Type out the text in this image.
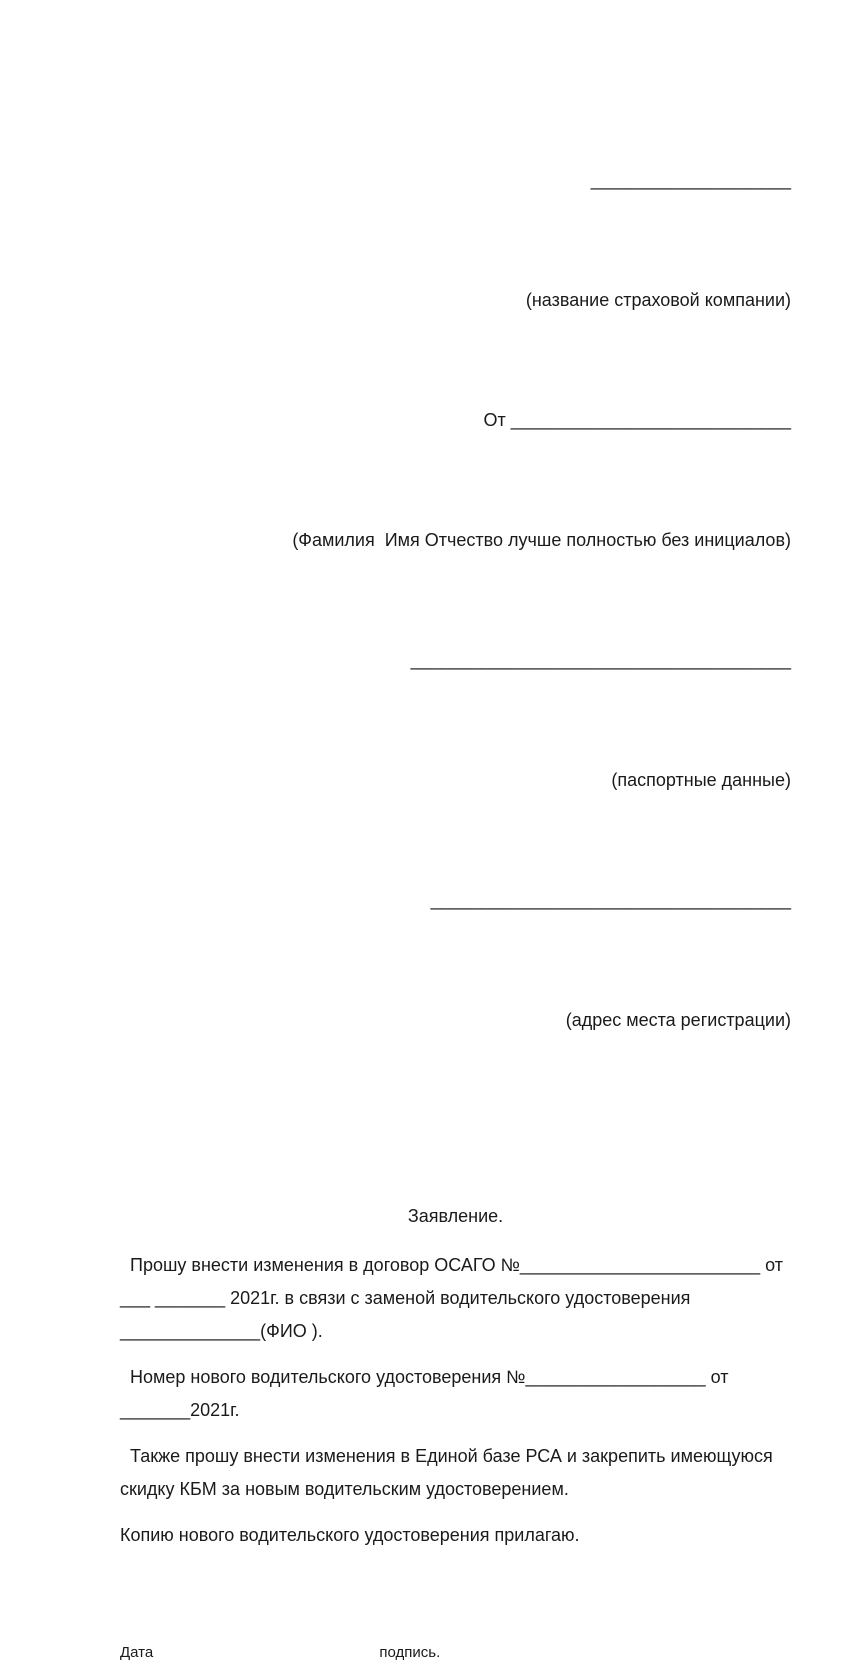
____________________

(название страховой компании)

От ____________________________

(Фамилия  Имя Отчество лучше полностью без инициалов)

______________________________________

(паспортные данные)

____________________________________

(адрес места регистрации)

Заявление.

Прошу внести изменения в договор ОСАГО №________________________ от ___ _______ 2021г. в связи с заменой водительского удостоверения ______________(ФИО ).

Номер нового водительского удостоверения №__________________ от _______2021г.

Также прошу внести изменения в Единой базе РСА и закрепить имеющуюся скидку КБМ за новым водительским удостоверением.

Копию нового водительского удостоверения прилагаю.

Дата	подпись.
